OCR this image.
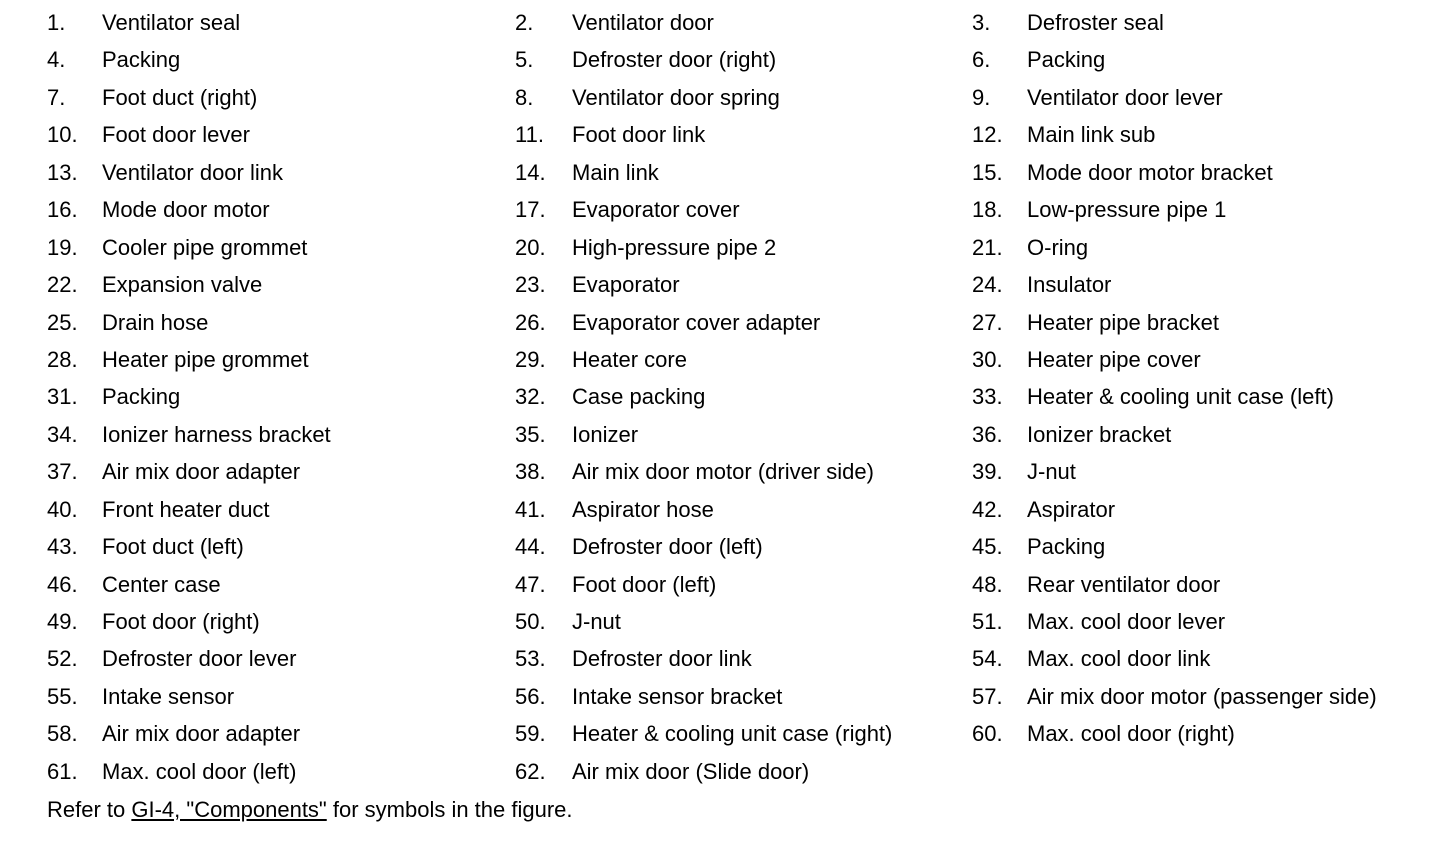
1. Ventilator seal	2. Ventilator door	3. Defroster seal
4. Packing	5. Defroster door (right)	6. Packing
7. Foot duct (right)	8. Ventilator door spring	9. Ventilator door lever
10. Foot door lever	11. Foot door link	12. Main link sub
13. Ventilator door link	14. Main link	15. Mode door motor bracket
16. Mode door motor	17. Evaporator cover	18. Low-pressure pipe 1
19. Cooler pipe grommet	20. High-pressure pipe 2	21. O-ring
22. Expansion valve	23. Evaporator	24. Insulator
25. Drain hose	26. Evaporator cover adapter	27. Heater pipe bracket
28. Heater pipe grommet	29. Heater core	30. Heater pipe cover
31. Packing	32. Case packing	33. Heater & cooling unit case (left)
34. Ionizer harness bracket	35. Ionizer	36. Ionizer bracket
37. Air mix door adapter	38. Air mix door motor (driver side)	39. J-nut
40. Front heater duct	41. Aspirator hose	42. Aspirator
43. Foot duct (left)	44. Defroster door (left)	45. Packing
46. Center case	47. Foot door (left)	48. Rear ventilator door
49. Foot door (right)	50. J-nut	51. Max. cool door lever
52. Defroster door lever	53. Defroster door link	54. Max. cool door link
55. Intake sensor	56. Intake sensor bracket	57. Air mix door motor (passenger side)
58. Air mix door adapter	59. Heater & cooling unit case (right)	60. Max. cool door (right)
61. Max. cool door (left)	62. Air mix door (Slide door)
Refer to GI-4, "Components" for symbols in the figure.
